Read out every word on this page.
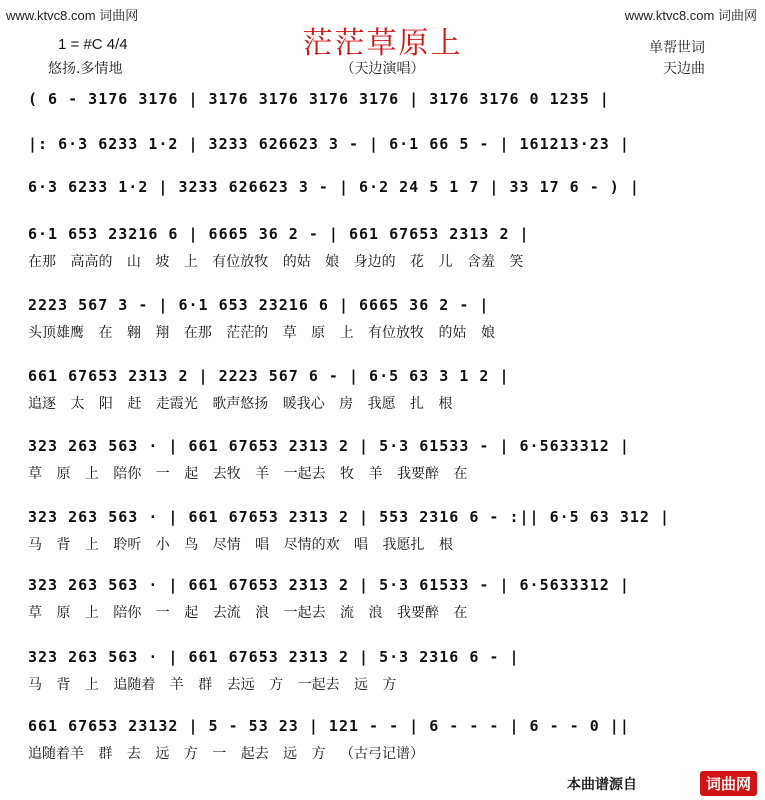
www.ktvc8.com 词曲网	www.ktvc8.com 词曲网
茫茫草原上
（天边演唱）
1 = #C 4/4
悠扬.多情地
单帮世词
天边曲
( 6 - 3176 3176 | 3176 3176 3176 3176 | 3176 3176 0 1235 |
|: 6·3 6233 1·2 | 3233 626623 3 - | 6·1 66 5 - | 161213·23 |
6·3 6233 1·2 | 3233 626623 3 - | 6·2 24 5 1 7 | 33 17 6 - ) |
6·1 653 23216 6 | 6665 36 2 - | 661 67653 2313 2 |
在那 高高的 山 坡 上 有位放牧 的姑 娘 身边的 花 儿 含羞 笑
2223 567 3 - | 6·1 653 23216 6 | 6665 36 2 - |
头顶雄鹰 在 翱 翔 在那 茫茫的 草 原 上 有位放牧 的姑 娘
661 67653 2313 2 | 2223 567 6 - | 6·5 63 3 1 2 |
追逐 太 阳 赶 走霞光 歌声悠扬 暖我心 房 我愿 扎 根
323 263 563 · | 661 67653 2313 2 | 5·3 61533 - | 6·5633312 |
草 原 上 陪你 一 起 去牧 羊 一起去 牧 羊 我要醉 在
323 263 563 · | 661 67653 2313 2 | 553 2316 6 - :|| 6·5 63 312 |
马 背 上 聆听 小 鸟 尽情 唱 尽情的欢 唱 我愿扎 根
323 263 563 · | 661 67653 2313 2 | 5·3 61533 - | 6·5633312 |
草 原 上 陪你 一 起 去流 浪 一起去 流 浪 我要醉 在
323 263 563 · | 661 67653 2313 2 | 5·3 2316 6 - |
马 背 上 追随着 羊 群 去远 方 一起去 远 方
661 67653 23132 | 5 - 53 23 | 121 - - | 6 - - - | 6 - - 0 ||
追随着羊 群 去 远 方 一 起去 远 方 （古弓记谱）
本曲谱源自	词曲网
